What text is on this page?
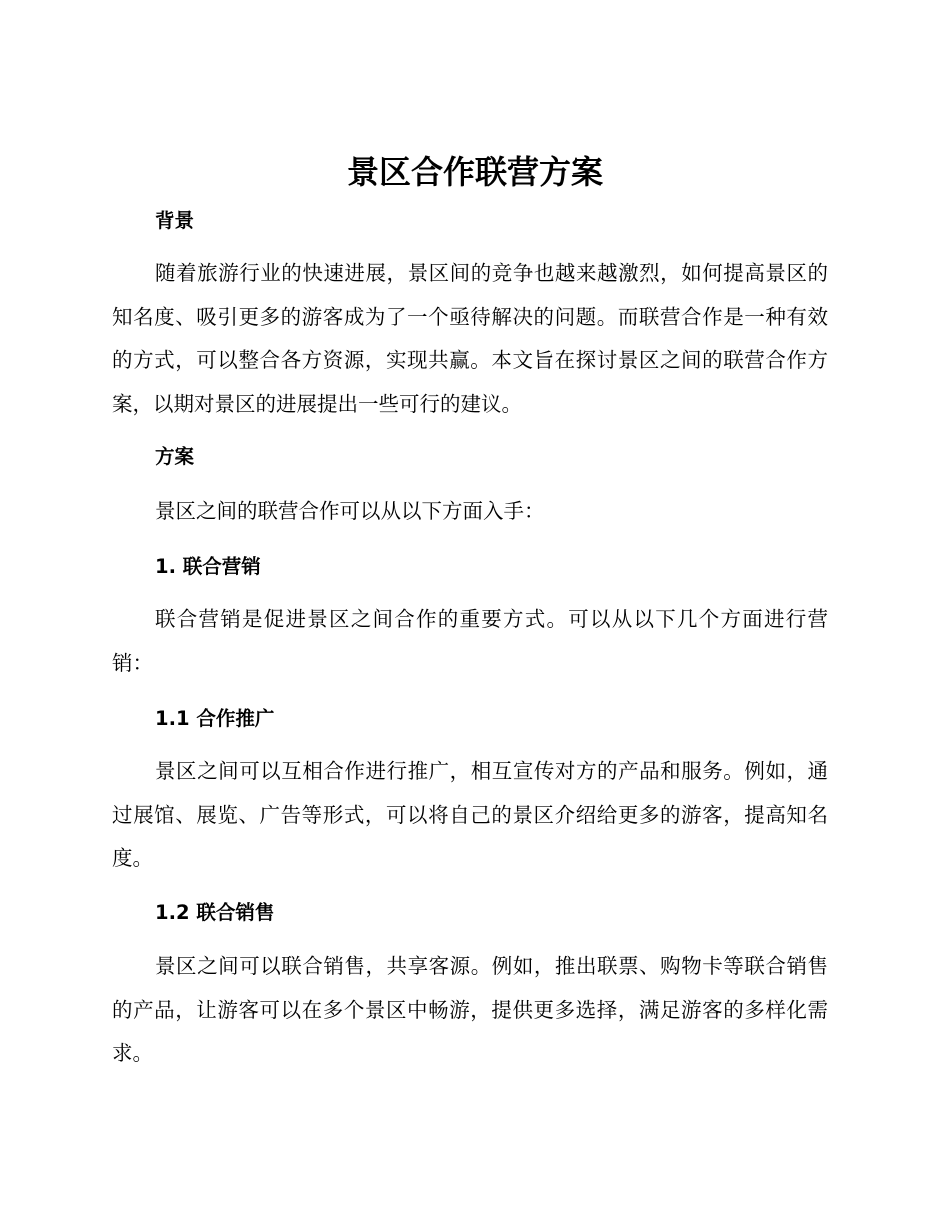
景区合作联营方案
背景

随着旅游行业的快速进展，景区间的竞争也越来越激烈，如何提高景区的知名度、吸引更多的游客成为了一个亟待解决的问题。而联营合作是一种有效的方式，可以整合各方资源，实现共赢。本文旨在探讨景区之间的联营合作方案，以期对景区的进展提出一些可行的建议。

方案

景区之间的联营合作可以从以下方面入手：

1. 联合营销

联合营销是促进景区之间合作的重要方式。可以从以下几个方面进行营销：

1.1 合作推广

景区之间可以互相合作进行推广，相互宣传对方的产品和服务。例如，通过展馆、展览、广告等形式，可以将自己的景区介绍给更多的游客，提高知名度。

1.2 联合销售

景区之间可以联合销售，共享客源。例如，推出联票、购物卡等联合销售的产品，让游客可以在多个景区中畅游，提供更多选择，满足游客的多样化需求。
